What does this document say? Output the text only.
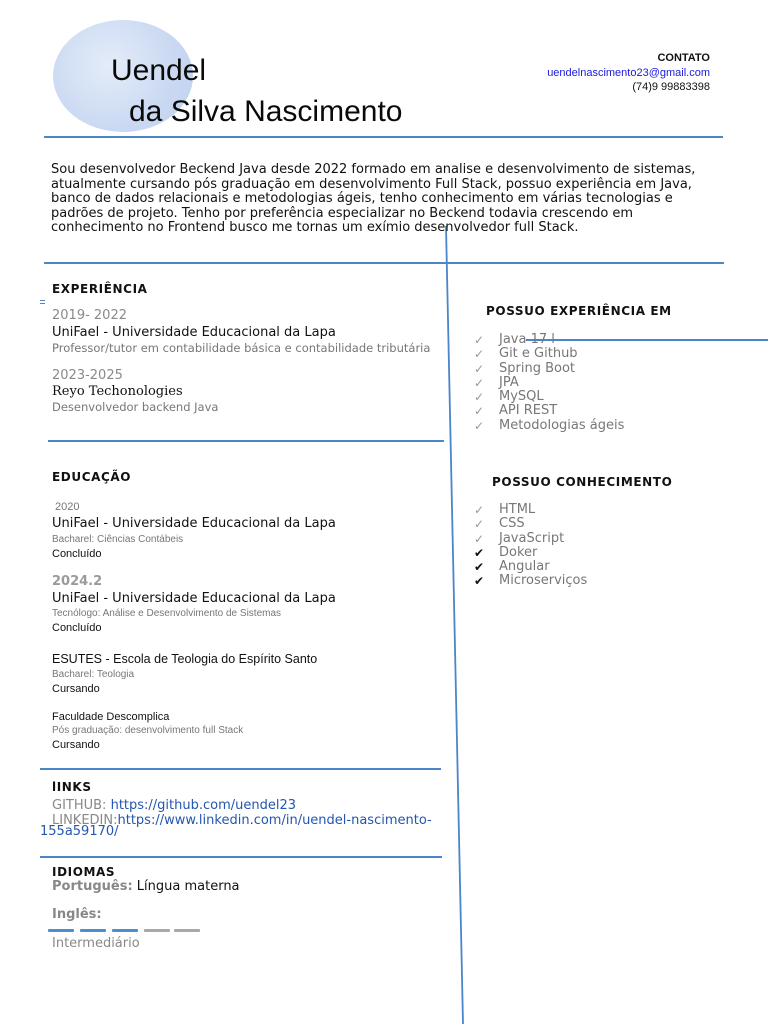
Uendel
da Silva Nascimento
CONTATO
uendelnascimento23@gmail.com
(74)9 99883398
Sou desenvolvedor Beckend Java desde 2022 formado em analise e desenvolvimento de sistemas, atualmente cursando pós graduação em desenvolvimento Full Stack, possuo experiência em Java, banco de dados relacionais e metodologias ágeis, tenho conhecimento em várias tecnologias e padrões de projeto. Tenho por preferência especializar no Beckend todavia crescendo em conhecimento no Frontend busco me tornas um exímio desenvolvedor full Stack.
EXPERIÊNCIA
2019- 2022
UniFael - Universidade Educacional da Lapa
Professor/tutor em contabilidade básica e contabilidade tributária
2023-2025
Reyo Techonologies
Desenvolvedor backend Java
EDUCAÇÃO
2020
UniFael - Universidade Educacional da Lapa
Bacharel: Ciências Contábeis
Concluído
2024.2
UniFael - Universidade Educacional da Lapa
Tecnólogo: Análise e Desenvolvimento de Sistemas
Concluído
ESUTES - Escola de Teologia do Espírito Santo
Bacharel: Teologia
Cursando
Faculdade Descomplica
Pós graduação: desenvolvimento full Stack
Cursando
lINKS
GITHUB: https://github.com/uendel23
LINKEDIN:https://www.linkedin.com/in/uendel-nascimento-
155a59170/
IDIOMAS
Português: Língua materna
Inglês:
Intermediário
POSSUO EXPERIÊNCIA EM
✓ Java 17 l
✓ Git e Github
✓ Spring Boot
✓ JPA
✓ MySQL
✓ API REST
✓ Metodologias ágeis
POSSUO CONHECIMENTO
✓ HTML
✓ CSS
✓ JavaScript
✔ Doker
✔ Angular
✔ Microserviços
